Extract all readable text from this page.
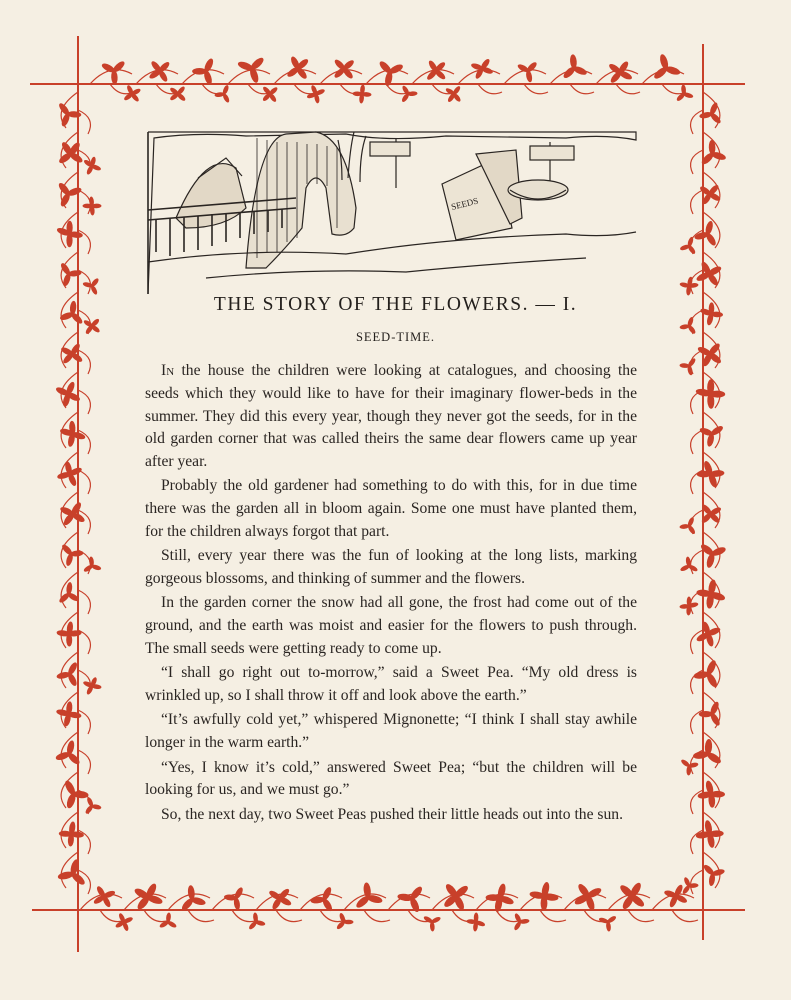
SEEDS
THE STORY OF THE FLOWERS. — I.
SEED-TIME.

In the house the children were looking at catalogues, and choosing the seeds which they would like to have for their imaginary flower-beds in the summer. They did this every year, though they never got the seeds, for in the old garden corner that was called theirs the same dear flowers came up year after year.

Probably the old gardener had something to do with this, for in due time there was the garden all in bloom again. Some one must have planted them, for the children always forgot that part.

Still, every year there was the fun of looking at the long lists, marking gorgeous blossoms, and thinking of summer and the flowers.

In the garden corner the snow had all gone, the frost had come out of the ground, and the earth was moist and easier for the flowers to push through. The small seeds were getting ready to come up.

“I shall go right out to-morrow,” said a Sweet Pea. “My old dress is wrinkled up, so I shall throw it off and look above the earth.”

“It’s awfully cold yet,” whispered Mignonette; “I think I shall stay awhile longer in the warm earth.”

“Yes, I know it’s cold,” answered Sweet Pea; “but the children will be looking for us, and we must go.”

So, the next day, two Sweet Peas pushed their little heads out into the sun.
